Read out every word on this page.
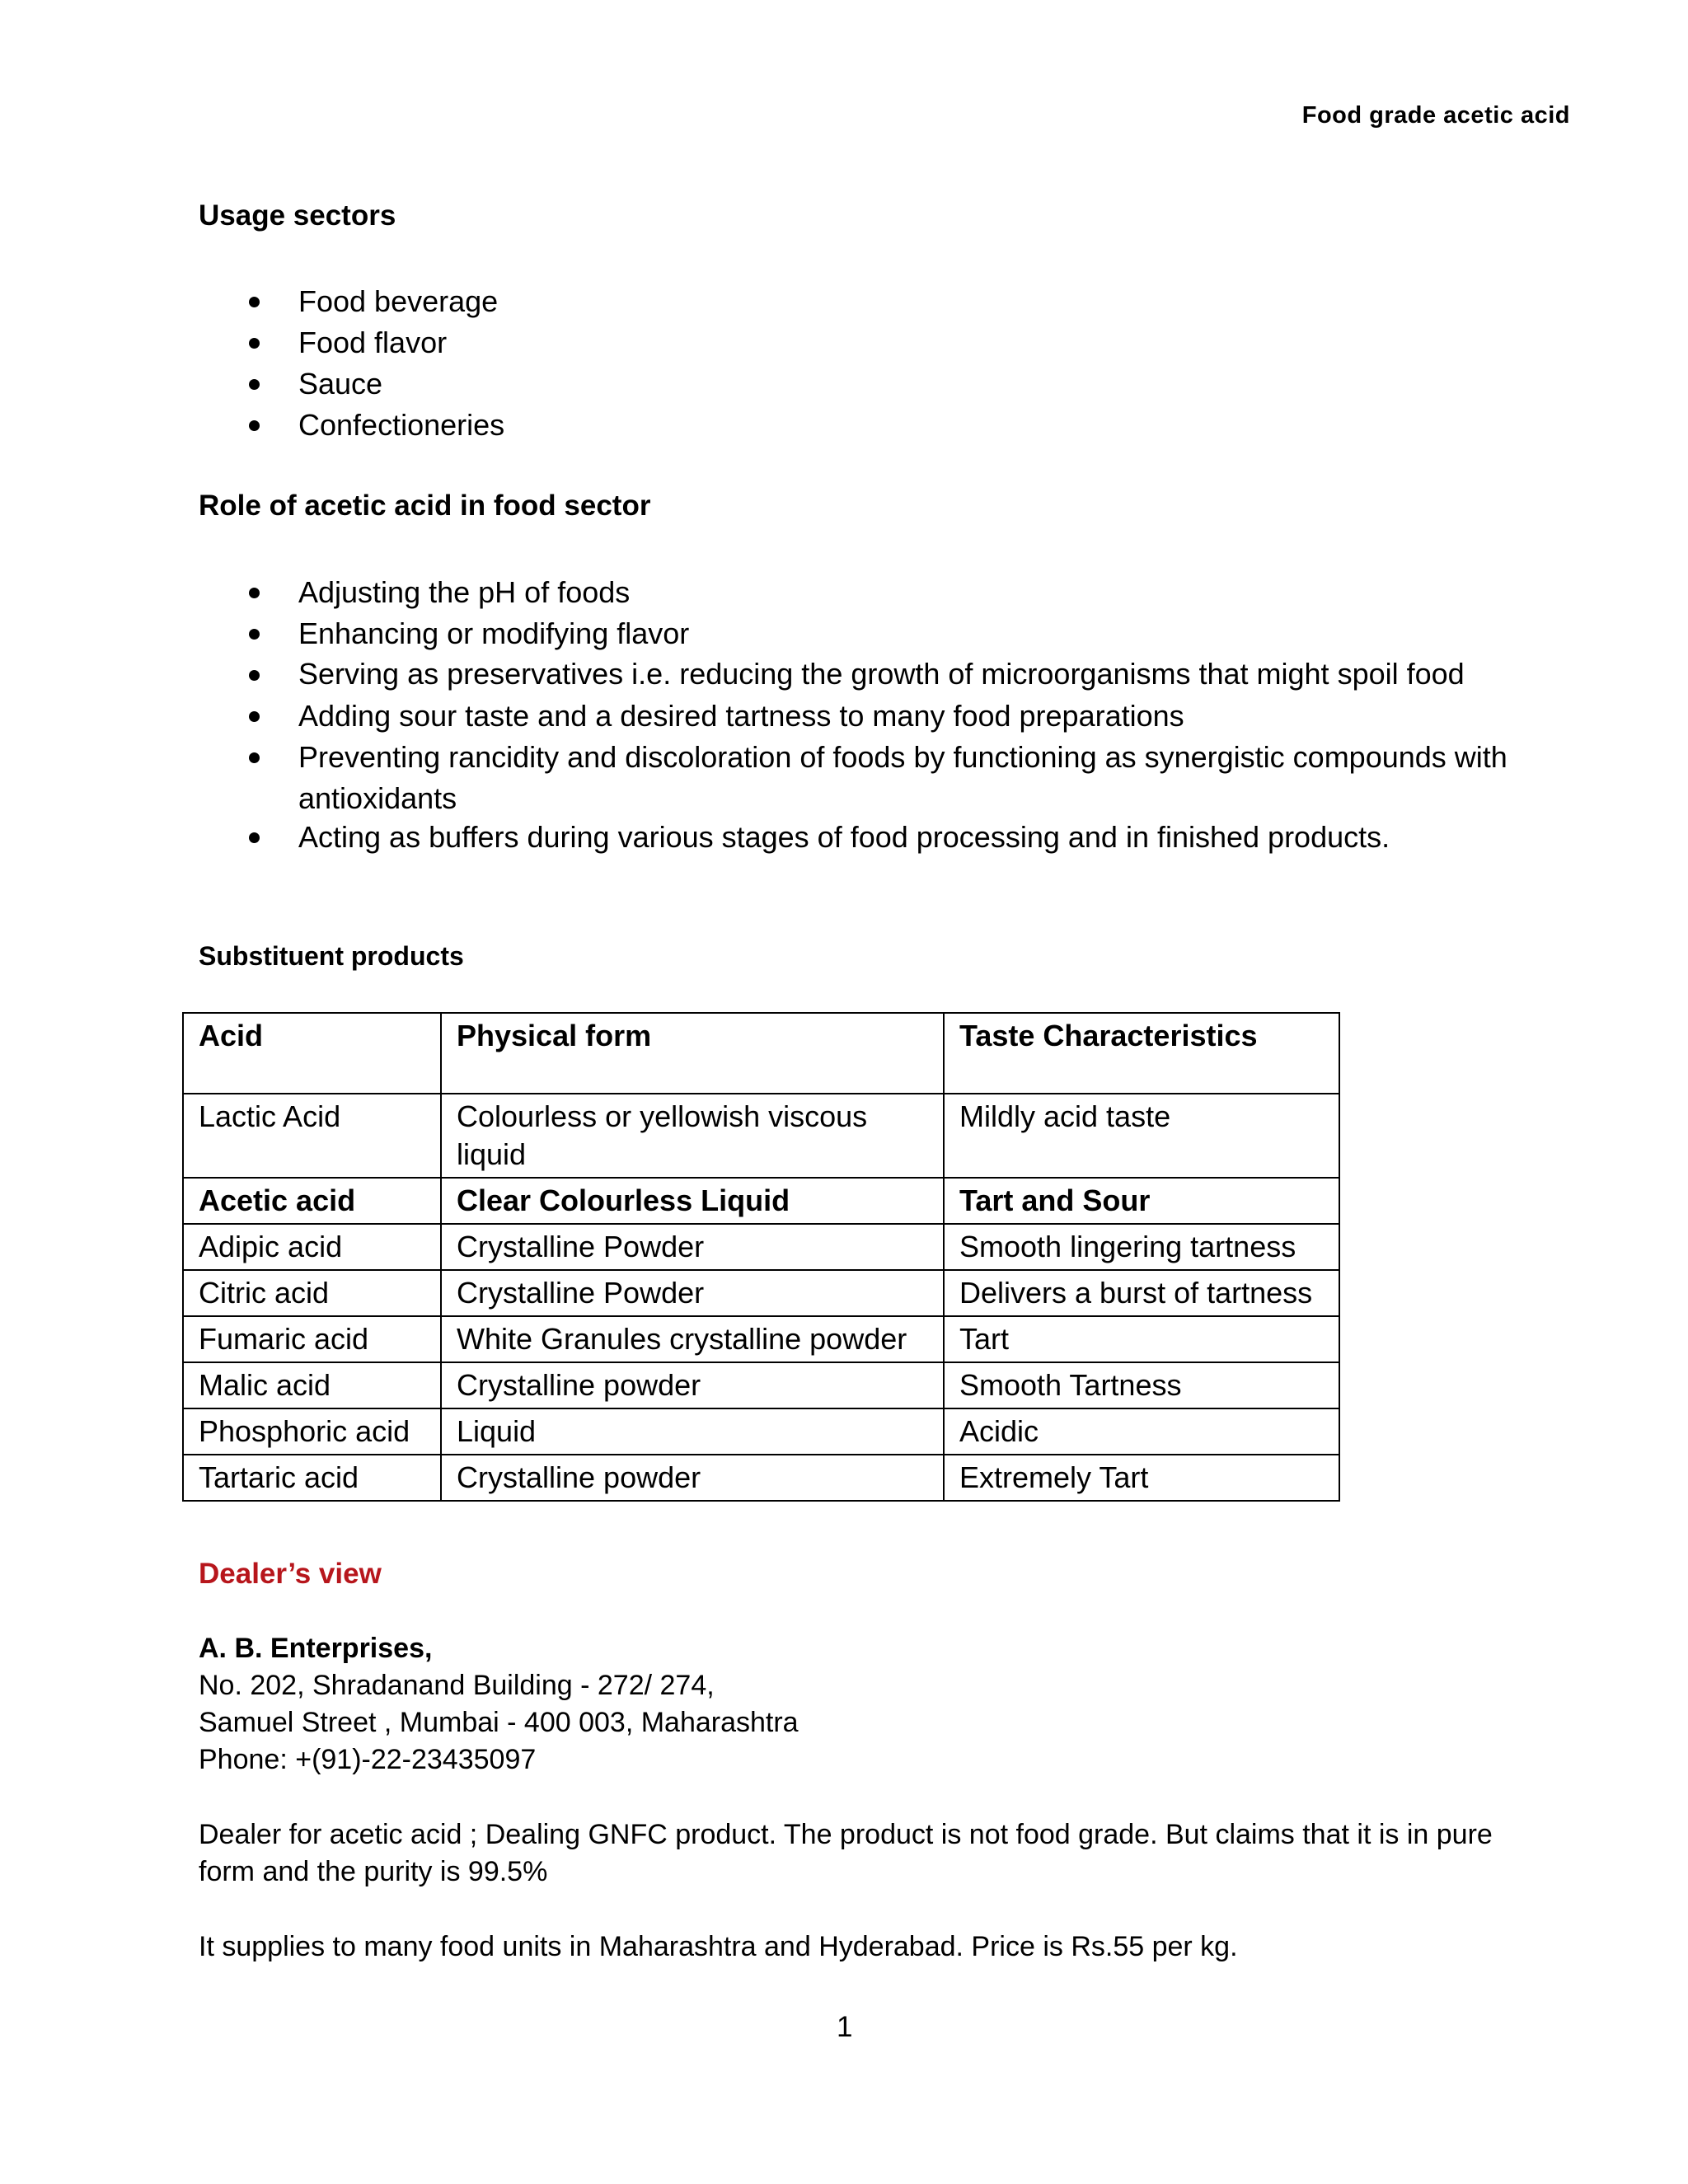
Food grade acetic acid
Usage sectors
Food beverage
Food flavor
Sauce
Confectioneries
Role of acetic acid in food sector
Adjusting the pH of foods
Enhancing or modifying flavor
Serving as preservatives i.e. reducing the growth of microorganisms that might spoil food
Adding sour taste and a desired tartness to many food preparations
Preventing rancidity and discoloration of foods by functioning as synergistic compounds with antioxidants
Acting as buffers during various stages of food processing and in finished products.
Substituent products
Acid	Physical form	Taste Characteristics
Lactic Acid	Colourless or yellowish viscous liquid	Mildly acid taste
Acetic acid	Clear Colourless Liquid	Tart and Sour
Adipic acid	Crystalline Powder	Smooth lingering tartness
Citric acid	Crystalline Powder	Delivers a burst of tartness
Fumaric acid	White Granules crystalline powder	Tart
Malic acid	Crystalline powder	Smooth Tartness
Phosphoric acid	Liquid	Acidic
Tartaric acid	Crystalline powder	Extremely Tart
Dealer’s view
A. B. Enterprises,
No. 202, Shradanand Building - 272/ 274,
Samuel Street , Mumbai - 400 003, Maharashtra
Phone: +(91)-22-23435097
Dealer for acetic acid ; Dealing GNFC product. The product is not food grade. But claims that it is in pure form and the purity is 99.5%
It supplies to many food units in Maharashtra and Hyderabad. Price is Rs.55 per kg.
1
